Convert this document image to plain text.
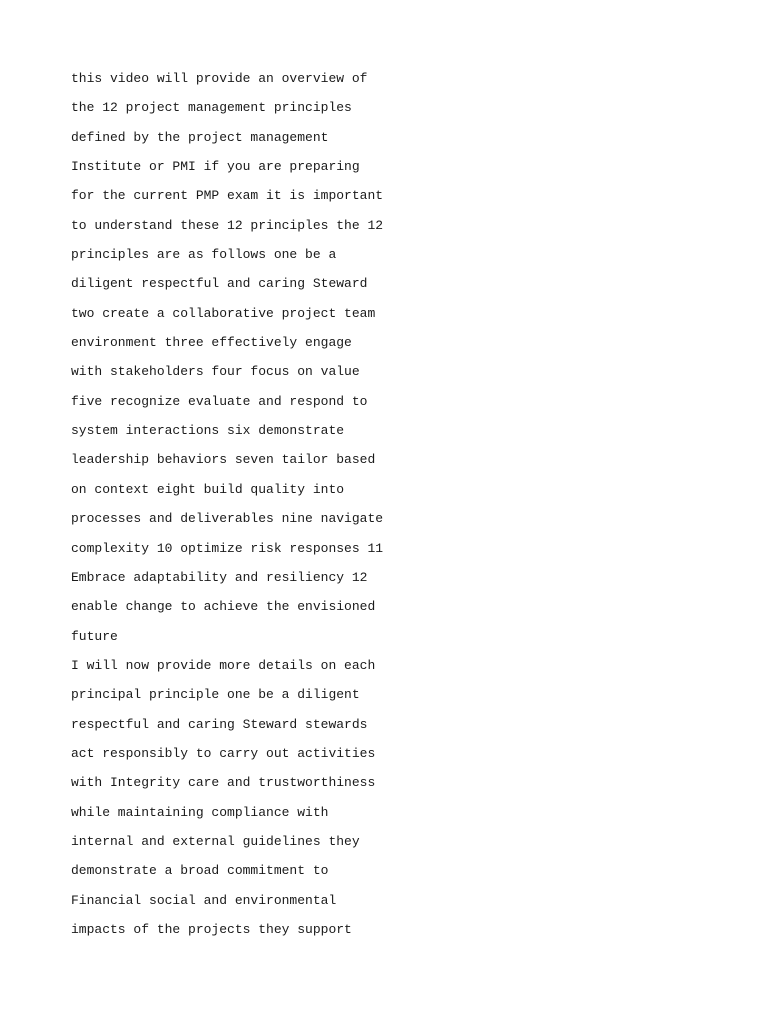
this video will provide an overview of

the 12 project management principles

defined by the project management

Institute or PMI if you are preparing

for the current PMP exam it is important

to understand these 12 principles the 12

principles are as follows one be a

diligent respectful and caring Steward

two create a collaborative project team

environment three effectively engage

with stakeholders four focus on value

five recognize evaluate and respond to

system interactions six demonstrate

leadership behaviors seven tailor based

on context eight build quality into

processes and deliverables nine navigate

complexity 10 optimize risk responses 11

Embrace adaptability and resiliency 12

enable change to achieve the envisioned

future

I will now provide more details on each

principal principle one be a diligent

respectful and caring Steward stewards

act responsibly to carry out activities

with Integrity care and trustworthiness

while maintaining compliance with

internal and external guidelines they

demonstrate a broad commitment to

Financial social and environmental

impacts of the projects they support
